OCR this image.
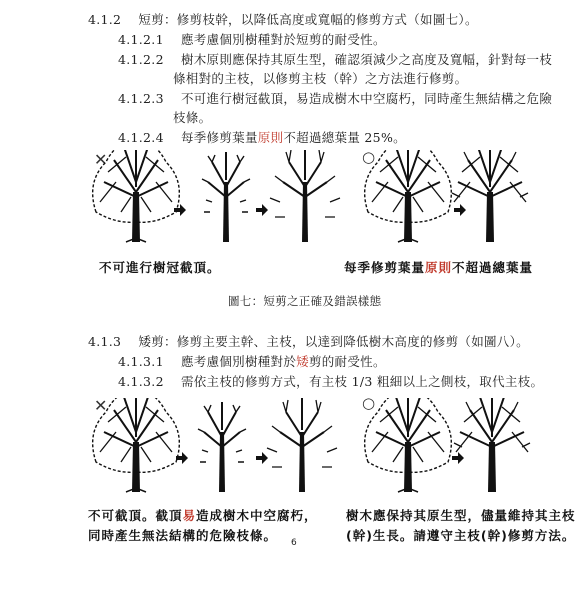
4.1.2 短剪：修剪枝幹，以降低高度或寬幅的修剪方式（如圖七）。
4.1.2.1 應考慮個別樹種對於短剪的耐受性。
4.1.2.2 樹木原則應保持其原生型，確認須減少之高度及寬幅，針對每一枝
條相對的主枝，以修剪主枝（幹）之方法進行修剪。
4.1.2.3 不可進行樹冠截頂，易造成樹木中空腐朽，同時產生無結構之危險
枝條。
4.1.2.4 每季修剪葉量原則不超過總葉量 25%。
✕	○
不可進行樹冠截頂。	每季修剪葉量原則不超過總葉量
圖七：短剪之正確及錯誤樣態
4.1.3 矮剪：修剪主要主幹、主枝，以達到降低樹木高度的修剪（如圖八）。
4.1.3.1 應考慮個別樹種對於矮剪的耐受性。
4.1.3.2 需依主枝的修剪方式，有主枝 1/3 粗細以上之側枝，取代主枝。
✕	○
不可截頂。截頂易造成樹木中空腐朽，
同時產生無法結構的危險枝條。
樹木應保持其原生型，儘量維持其主枝
(幹)生長。請遵守主枝(幹)修剪方法。
6
